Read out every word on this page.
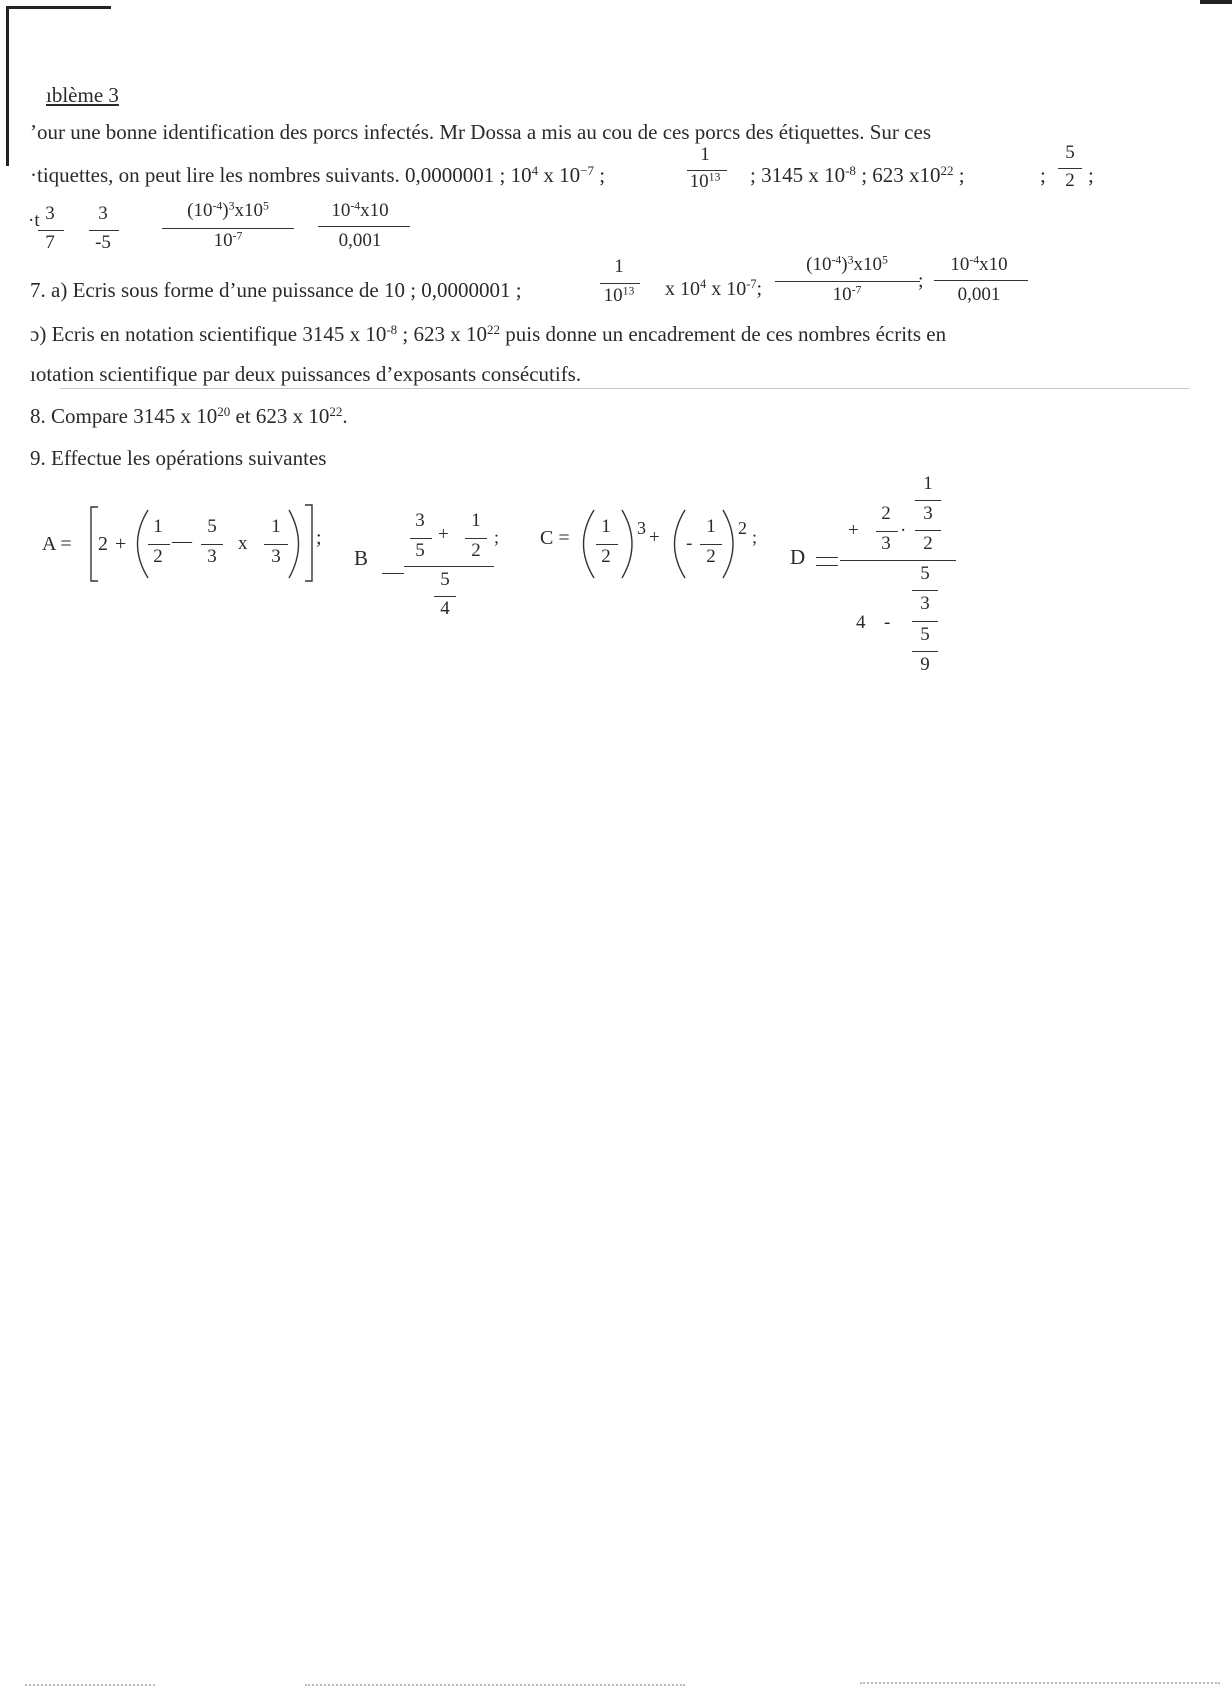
ıblème 3
’our une bonne identification des porcs infectés. Mr Dossa a mis au cou de ces porcs des étiquettes. Sur ces
·tiquettes, on peut lire les nombres suivants. 0,0000001 ; $10^4$ x $10^{-7}$ ;
1
$10^{13}$ ; 3145 x $10^{-8}$ ; 623 $x10^{22}$ ;	;
5
2 ;
·t 3
7
3
-5
$(10^{-4})^3x10^5$
$10^{-7}$
$10^{-4}x10$
0,001
7. a) Ecris sous forme d’une puissance de 10 ; 0,0000001 ;
1
$10^{13}$ x $10^4$ x $10^{-7}$;
$(10^{-4})^3x10^5$
$10^{-7}$	;
$10^{-4}x10$
0,001
ɔ) Ecris en notation scientifique 3145 x $10^{-8}$ ; 623 x $10^{22}$ puis donne un encadrement de ces nombres écrits en
ıotation scientifique par deux puissances d’exposants consécutifs.
8. Compare 3145 x $10^{20}$ et 623 x $10^{22}$.
9. Effectue les opérations suivantes
A = 2 +
1
2
—
5
3
x
1
3
;
B
3
5
+
1
2
;
5
4
C =
1
2
3 + -
1
2
2 ;
D
+
2
3
·
1
3
2
5
4 -
3
5
9
